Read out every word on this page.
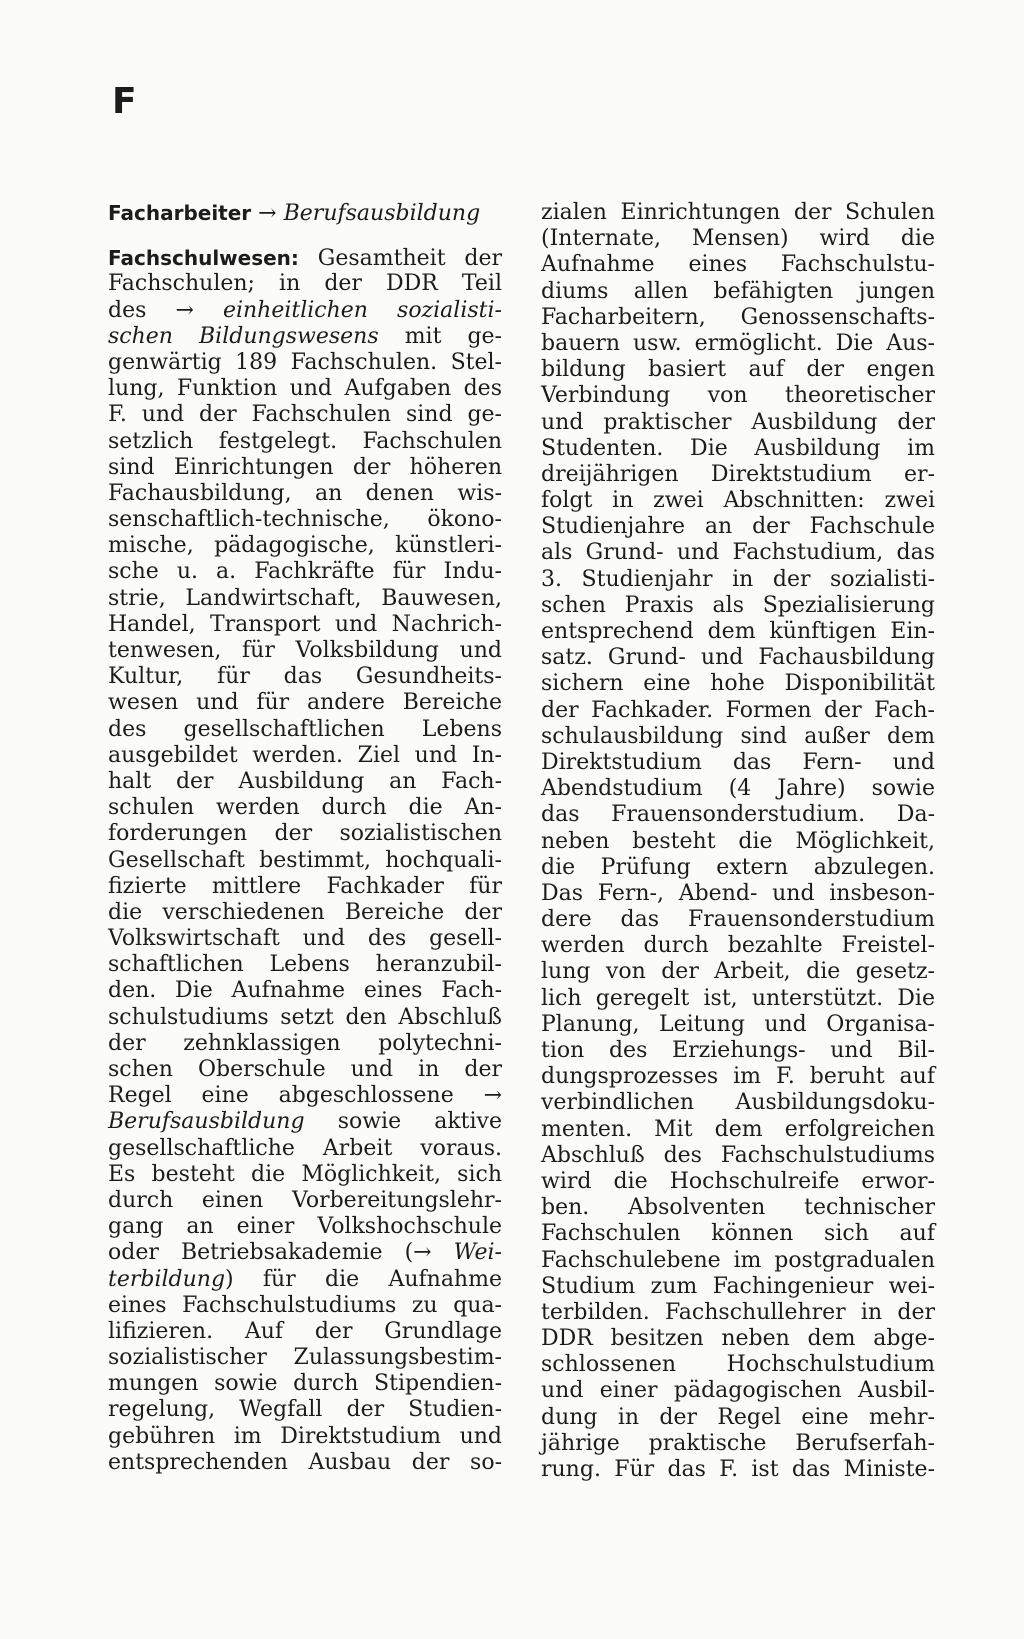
F
Facharbeiter → Berufsausbildung
Fachschulwesen: Gesamtheit der
Fachschulen; in der DDR Teil
des → einheitlichen sozialisti-
schen Bildungswesens mit ge-
genwärtig 189 Fachschulen. Stel-
lung, Funktion und Aufgaben des
F. und der Fachschulen sind ge-
setzlich festgelegt. Fachschulen
sind Einrichtungen der höheren
Fachausbildung, an denen wis-
senschaftlich-technische, ökono-
mische, pädagogische, künstleri-
sche u. a. Fachkräfte für Indu-
strie, Landwirtschaft, Bauwesen,
Handel, Transport und Nachrich-
tenwesen, für Volksbildung und
Kultur, für das Gesundheits-
wesen und für andere Bereiche
des gesellschaftlichen Lebens
ausgebildet werden. Ziel und In-
halt der Ausbildung an Fach-
schulen werden durch die An-
forderungen der sozialistischen
Gesellschaft bestimmt, hochquali-
fizierte mittlere Fachkader für
die verschiedenen Bereiche der
Volkswirtschaft und des gesell-
schaftlichen Lebens heranzubil-
den. Die Aufnahme eines Fach-
schulstudiums setzt den Abschluß
der zehnklassigen polytechni-
schen Oberschule und in der
Regel eine abgeschlossene →
Berufsausbildung sowie aktive
gesellschaftliche Arbeit voraus.
Es besteht die Möglichkeit, sich
durch einen Vorbereitungslehr-
gang an einer Volkshochschule
oder Betriebsakademie (→ Wei-
terbildung) für die Aufnahme
eines Fachschulstudiums zu qua-
lifizieren. Auf der Grundlage
sozialistischer Zulassungsbestim-
mungen sowie durch Stipendien-
regelung, Wegfall der Studien-
gebühren im Direktstudium und
entsprechenden Ausbau der so-
zialen Einrichtungen der Schulen
(Internate, Mensen) wird die
Aufnahme eines Fachschulstu-
diums allen befähigten jungen
Facharbeitern, Genossenschafts-
bauern usw. ermöglicht. Die Aus-
bildung basiert auf der engen
Verbindung von theoretischer
und praktischer Ausbildung der
Studenten. Die Ausbildung im
dreijährigen Direktstudium er-
folgt in zwei Abschnitten: zwei
Studienjahre an der Fachschule
als Grund- und Fachstudium, das
3. Studienjahr in der sozialisti-
schen Praxis als Spezialisierung
entsprechend dem künftigen Ein-
satz. Grund- und Fachausbildung
sichern eine hohe Disponibilität
der Fachkader. Formen der Fach-
schulausbildung sind außer dem
Direktstudium das Fern- und
Abendstudium (4 Jahre) sowie
das Frauensonderstudium. Da-
neben besteht die Möglichkeit,
die Prüfung extern abzulegen.
Das Fern-, Abend- und insbeson-
dere das Frauensonderstudium
werden durch bezahlte Freistel-
lung von der Arbeit, die gesetz-
lich geregelt ist, unterstützt. Die
Planung, Leitung und Organisa-
tion des Erziehungs- und Bil-
dungsprozesses im F. beruht auf
verbindlichen Ausbildungsdoku-
menten. Mit dem erfolgreichen
Abschluß des Fachschulstudiums
wird die Hochschulreife erwor-
ben. Absolventen technischer
Fachschulen können sich auf
Fachschulebene im postgradualen
Studium zum Fachingenieur wei-
terbilden. Fachschullehrer in der
DDR besitzen neben dem abge-
schlossenen Hochschulstudium
und einer pädagogischen Ausbil-
dung in der Regel eine mehr-
jährige praktische Berufserfah-
rung. Für das F. ist das Ministe-
